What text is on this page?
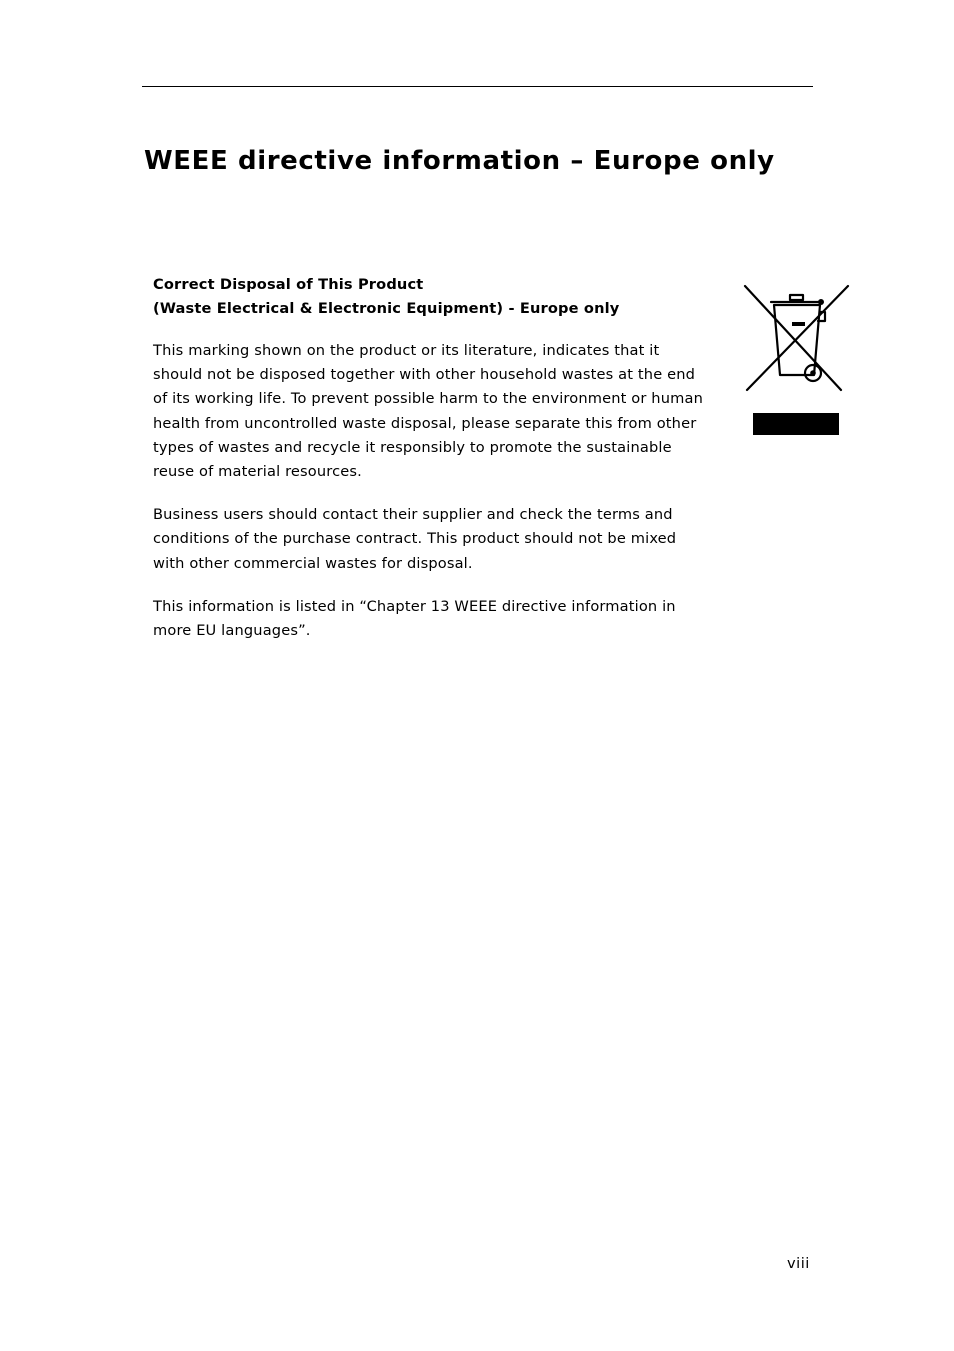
WEEE directive information – Europe only
Correct Disposal of This Product
(Waste Electrical & Electronic Equipment) - Europe only

This marking shown on the product or its literature, indicates that it
should not be disposed together with other household wastes at the end
of its working life. To prevent possible harm to the environment or human
health from uncontrolled waste disposal, please separate this from other
types of wastes and recycle it responsibly to promote the sustainable
reuse of material resources.

Business users should contact their supplier and check the terms and
conditions of the purchase contract. This product should not be mixed
with other commercial wastes for disposal.

This information is listed in “Chapter 13 WEEE directive information in
more EU languages”.

viii
